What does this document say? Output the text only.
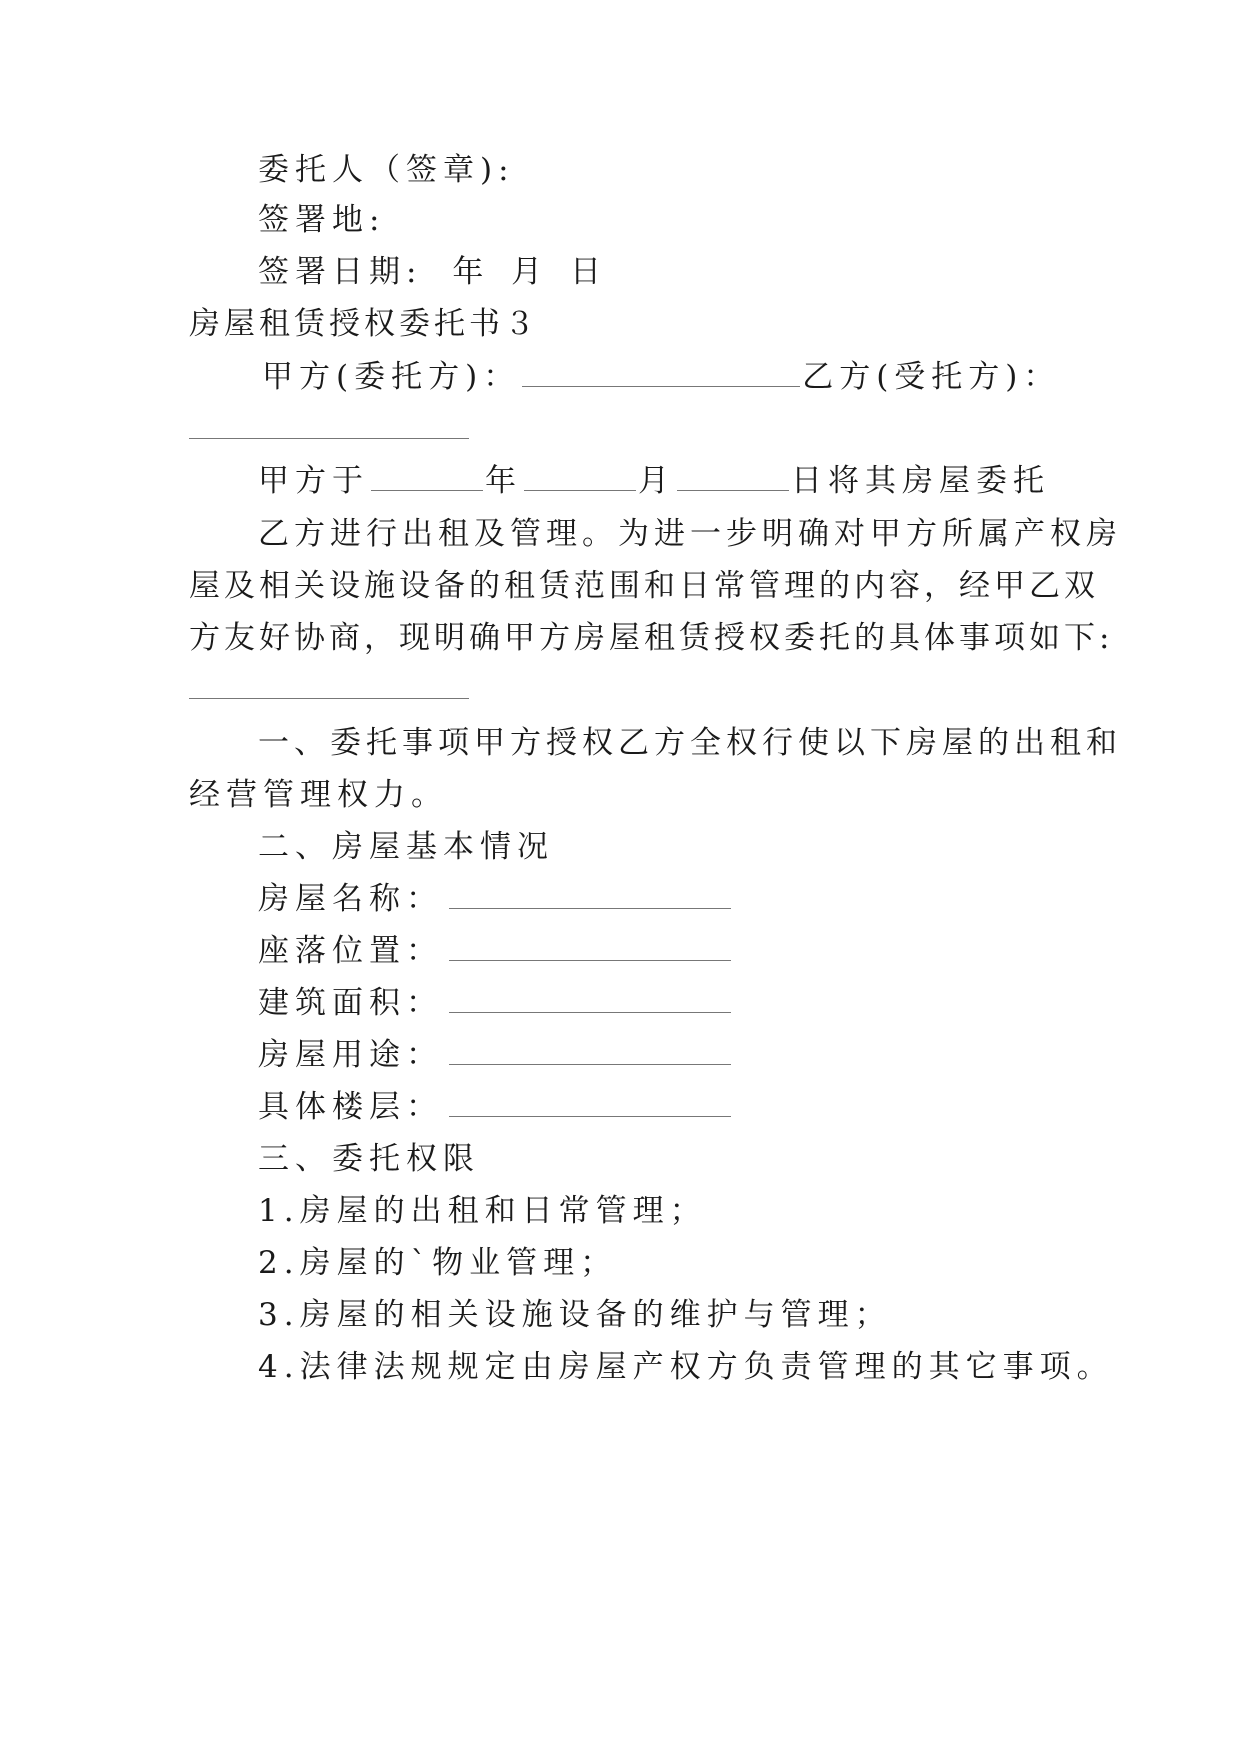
委托人（签章):
签署地:
签署日期: 年 月 日
房屋租赁授权委托书３
甲方(委托方)：	乙方(受托方)：
甲方于	年	月	日将其房屋委托
乙方进行出租及管理。为进一步明确对甲方所属产权房
屋及相关设施设备的租赁范围和日常管理的内容，经甲乙双
方友好协商，现明确甲方房屋租赁授权委托的具体事项如下:
一、委托事项甲方授权乙方全权行使以下房屋的出租和
经营管理权力。
二、房屋基本情况
房屋名称：
座落位置：
建筑面积：
房屋用途：
具体楼层：
三、委托权限
1.房屋的出租和日常管理；
2.房屋的`物业管理；
3.房屋的相关设施设备的维护与管理；
4.法律法规规定由房屋产权方负责管理的其它事项。
